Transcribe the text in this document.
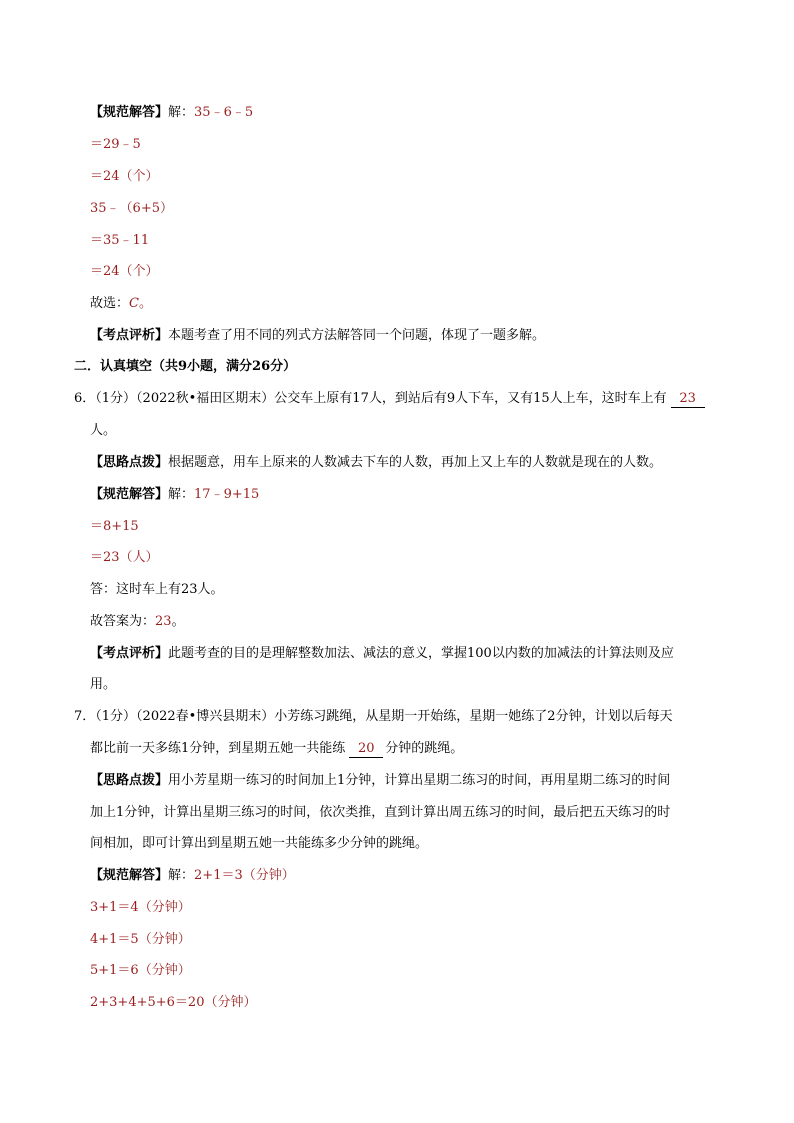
【规范解答】解：35﹣6﹣5
＝29﹣5
＝24（个）
35﹣（6+5）
＝35﹣11
＝24（个）
故选：C。
【考点评析】本题考查了用不同的列式方法解答同一个问题，体现了一题多解。
二．认真填空（共9小题，满分26分）
6．（1分）（2022秋•福田区期末）公交车上原有17人，到站后有9人下车，又有15人上车，这时车上有 23
人。
【思路点拨】根据题意，用车上原来的人数减去下车的人数，再加上又上车的人数就是现在的人数。
【规范解答】解：17﹣9+15
＝8+15
＝23（人）
答：这时车上有23人。
故答案为：23。
【考点评析】此题考查的目的是理解整数加法、减法的意义，掌握100以内数的加减法的计算法则及应
用。
7．（1分）（2022春•博兴县期末）小芳练习跳绳，从星期一开始练，星期一她练了2分钟，计划以后每天
都比前一天多练1分钟，到星期五她一共能练 20 分钟的跳绳。
【思路点拨】用小芳星期一练习的时间加上1分钟，计算出星期二练习的时间，再用星期二练习的时间
加上1分钟，计算出星期三练习的时间，依次类推，直到计算出周五练习的时间，最后把五天练习的时
间相加，即可计算出到星期五她一共能练多少分钟的跳绳。
【规范解答】解：2+1＝3（分钟）
3+1＝4（分钟）
4+1＝5（分钟）
5+1＝6（分钟）
2+3+4+5+6＝20（分钟）
